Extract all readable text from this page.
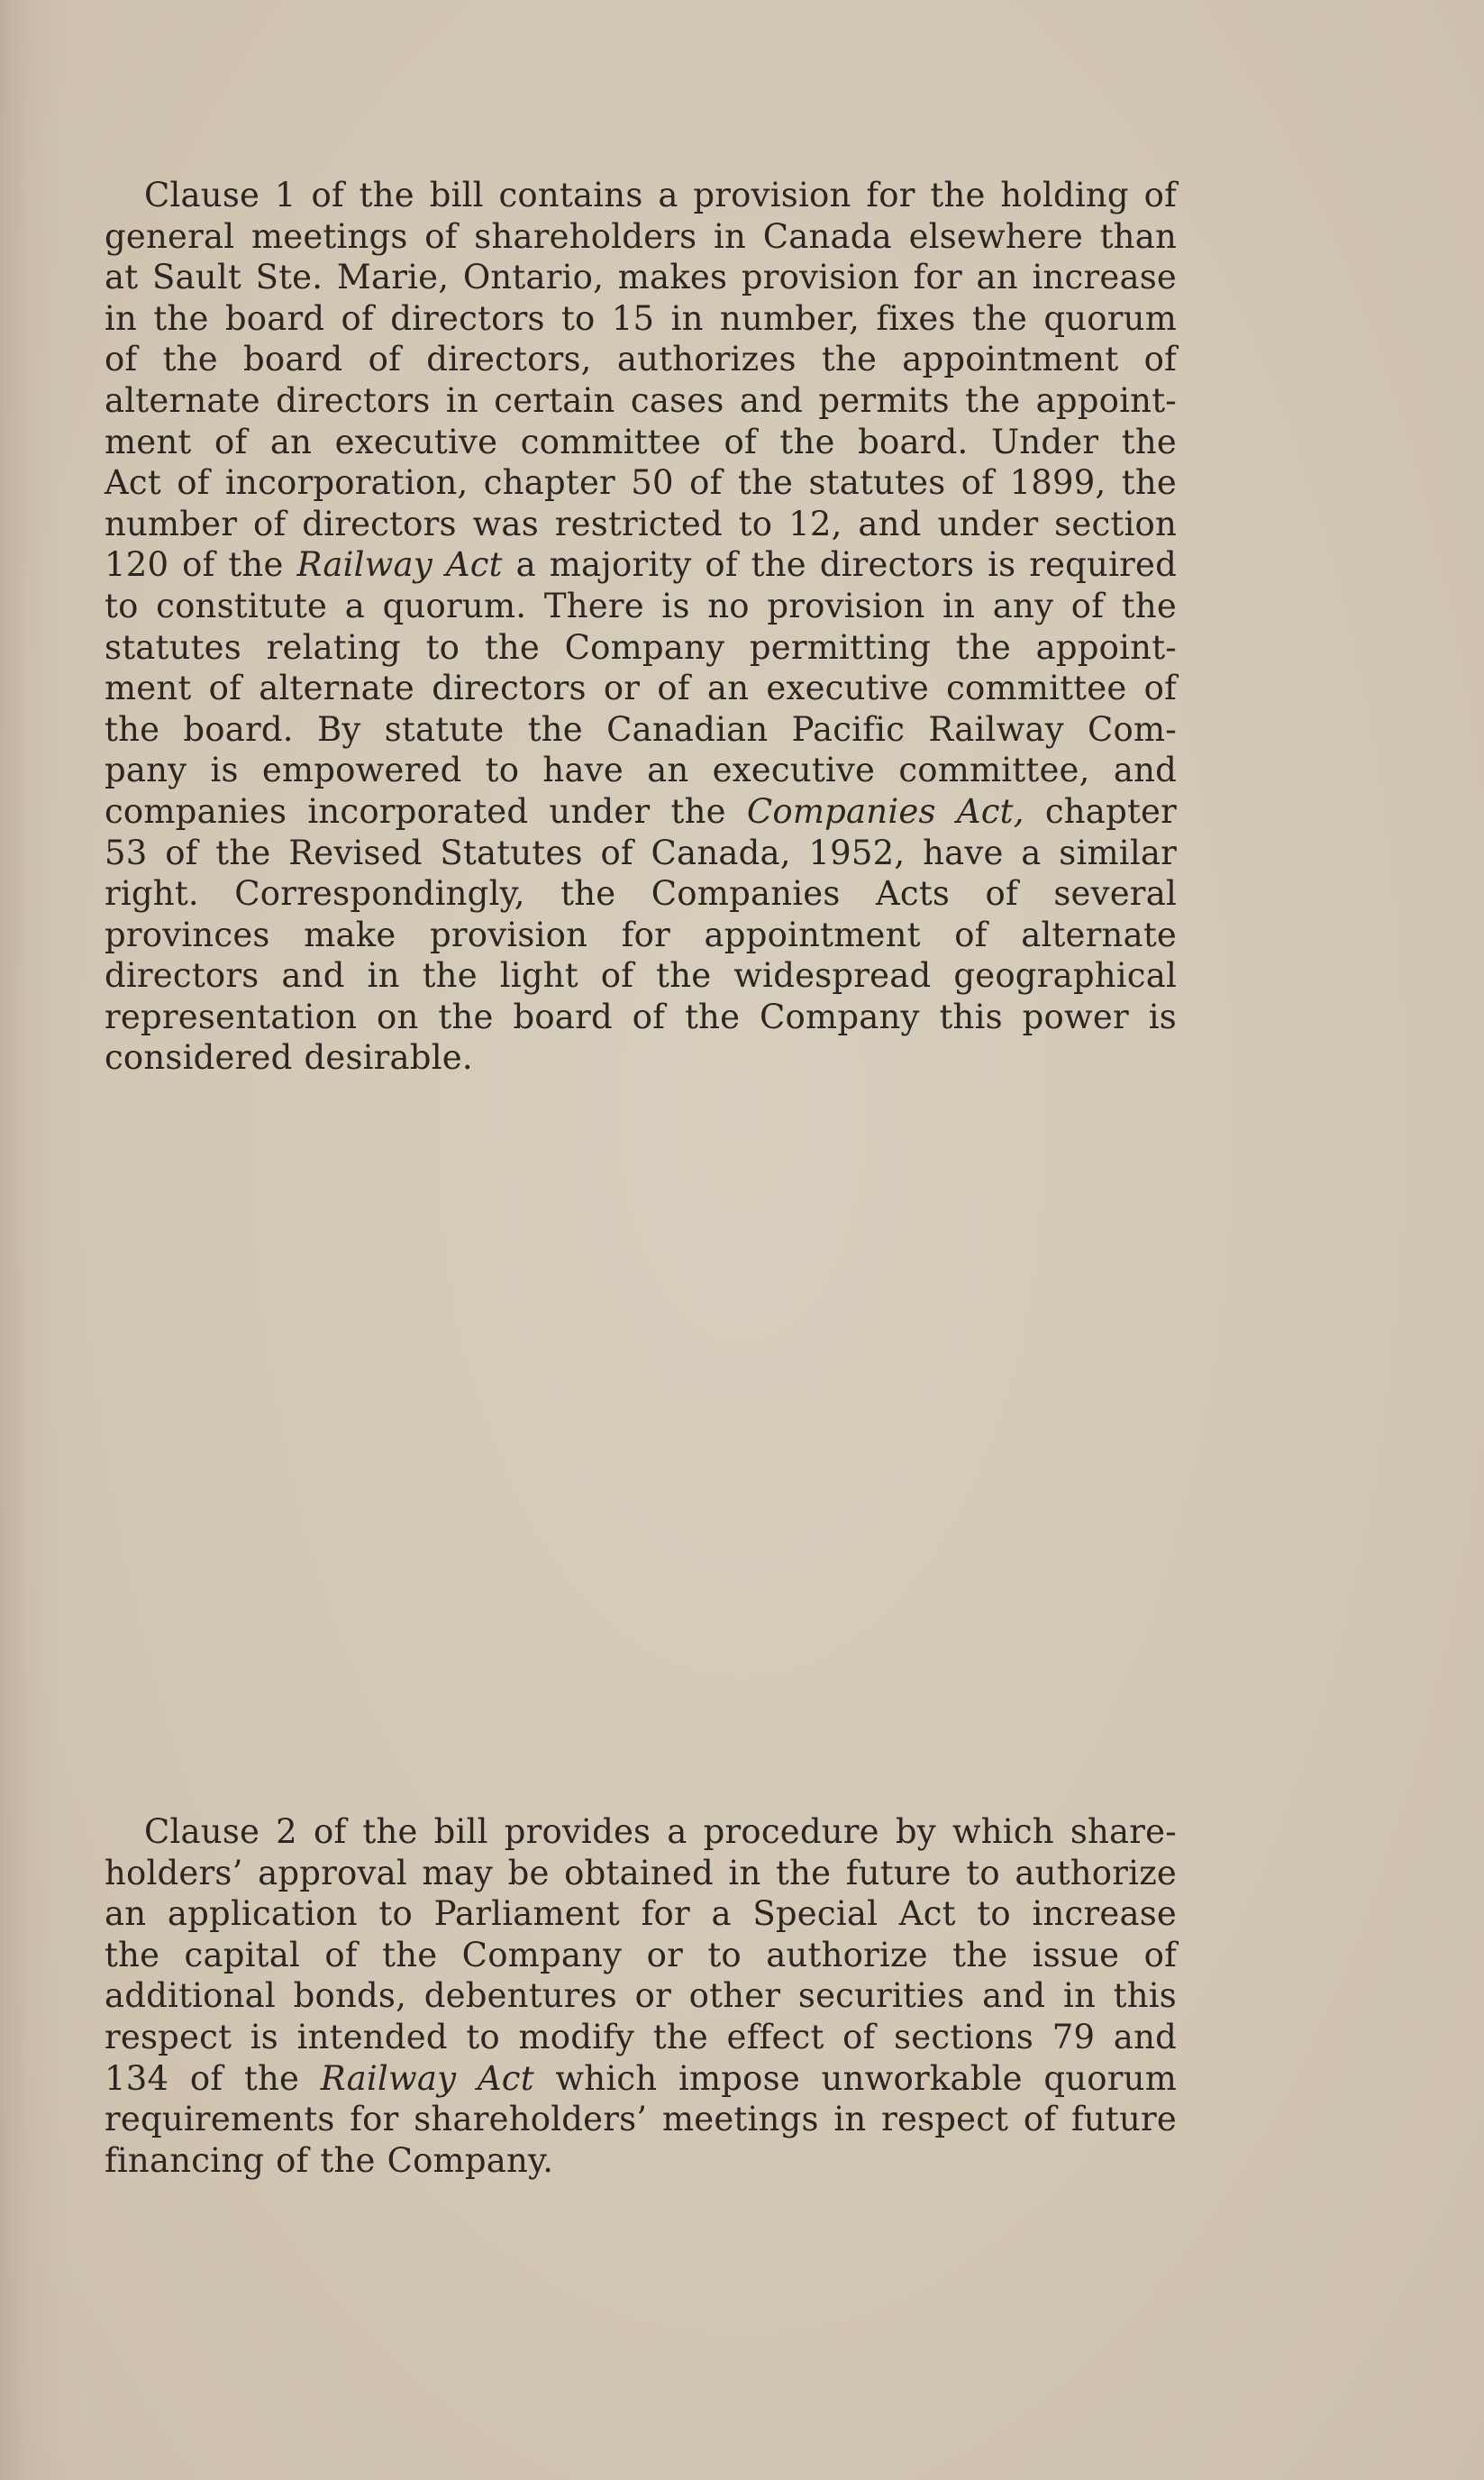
Clause 1 of the bill contains a provision for the holding of
general meetings of shareholders in Canada elsewhere than
at Sault Ste. Marie, Ontario, makes provision for an increase
in the board of directors to 15 in number, fixes the quorum
of the board of directors, authorizes the appointment of
alternate directors in certain cases and permits the appoint-
ment of an executive committee of the board. Under the
Act of incorporation, chapter 50 of the statutes of 1899, the
number of directors was restricted to 12, and under section
120 of the Railway Act a majority of the directors is required
to constitute a quorum. There is no provision in any of the
statutes relating to the Company permitting the appoint-
ment of alternate directors or of an executive committee of
the board. By statute the Canadian Pacific Railway Com-
pany is empowered to have an executive committee, and
companies incorporated under the Companies Act, chapter
53 of the Revised Statutes of Canada, 1952, have a similar
right. Correspondingly, the Companies Acts of several
provinces make provision for appointment of alternate
directors and in the light of the widespread geographical
representation on the board of the Company this power is
considered desirable.

Clause 2 of the bill provides a procedure by which share-
holders’ approval may be obtained in the future to authorize
an application to Parliament for a Special Act to increase
the capital of the Company or to authorize the issue of
additional bonds, debentures or other securities and in this
respect is intended to modify the effect of sections 79 and
134 of the Railway Act which impose unworkable quorum
requirements for shareholders’ meetings in respect of future
financing of the Company.
